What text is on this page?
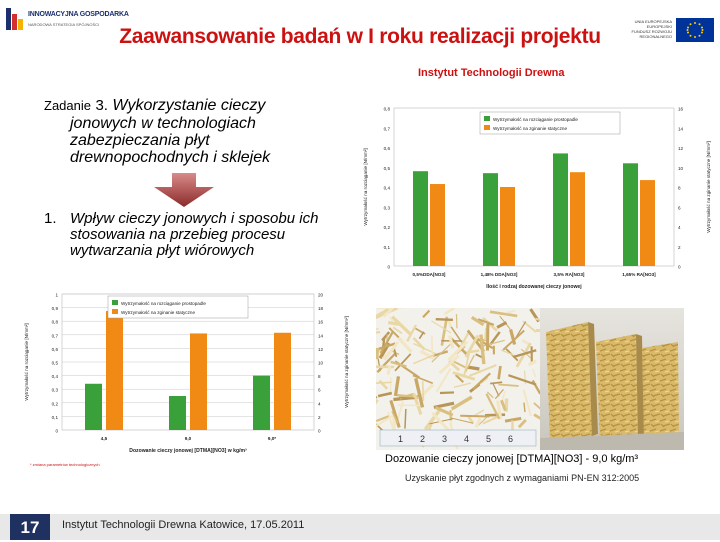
INNOWACYJNA GOSPODARKA
NARODOWA STRATEGIA SPÓJNOŚCI
UNIA EUROPEJSKA EUROPEJSKI FUNDUSZ ROZWOJU REGIONALNEGO
Zaawansowanie badań w I roku realizacji projektu
Instytut Technologii Drewna
Zadanie 3. Wykorzystanie cieczy
jonowych w technologiach
zabezpieczania płyt
drewnopochodnych i sklejek
1. Wpływ cieczy jonowych i sposobu ich
stosowania na przebieg procesu
wytwarzania płyt wiórowych
0	0
0,1	2
0,2	4
0,3	6
0,4	8
0,5	10
0,6	12
0,7	14
0,8	16
0,5%DDA[NO3]	1,48% DDA[NO3]	3,5% RA[NO3]	1,65% RA[NO3]
Ilość i rodzaj dozowanej cieczy jonowej
Wytrzymałość na rozciąganie [N/mm²]	Wytrzymałość na zginanie statyczne [N/mm²]
Wytrzymałość na rozciąganie prostopadle
Wytrzymałość na zginanie statyczne
0	0
0,1	2
0,2	4
0,3	6
0,4	8
0,5	10
0,6	12
0,7	14
0,8	16
0,9	18
1	20
4,5	9,0	9,0*
Dozowanie cieczy jonowej [DTMA][NO3] w kg/m³
Wytrzymałość na rozciąganie [N/mm²]	Wytrzymałość na zginanie statyczne [N/mm²]
Wytrzymałość na rozciąganie prostopadle
Wytrzymałość na zginanie statyczne
* zmiana parametrów technologicznych
1 2 3 4 5 6
Dozowanie cieczy jonowej [DTMA][NO3] - 9,0 kg/m³
Uzyskanie płyt zgodnych z wymaganiami PN-EN 312:2005
17	Instytut Technologii Drewna Katowice, 17.05.2011
